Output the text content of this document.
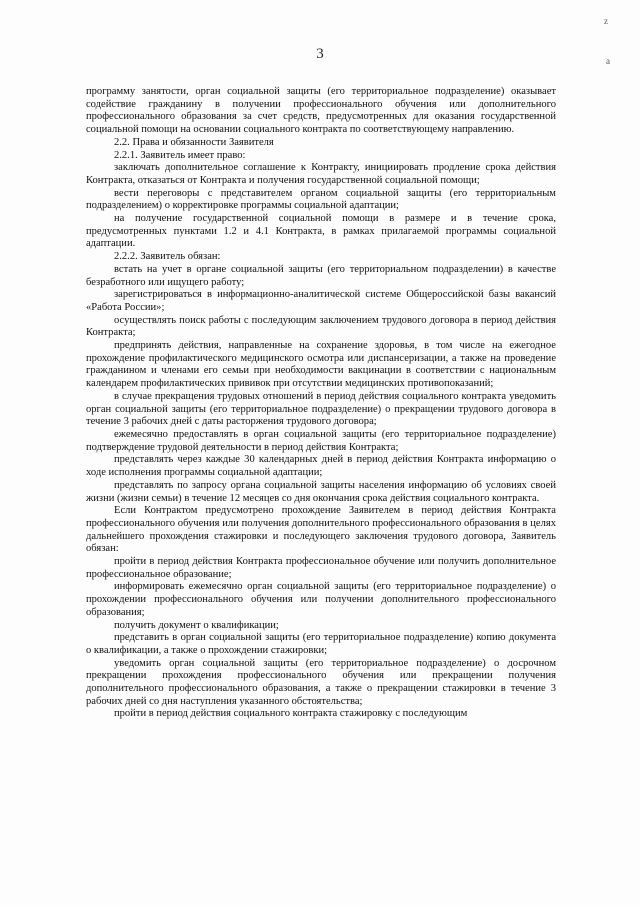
z
a
3

программу занятости, орган социальной защиты (его территориальное подразделение) оказывает содействие гражданину в получении профессионального обучения или дополнительного профессионального образования за счет средств, предусмотренных для оказания государственной социальной помощи на основании социального контракта по соответствующему направлению.

2.2. Права и обязанности Заявителя

2.2.1. Заявитель имеет право:

заключать дополнительное соглашение к Контракту, инициировать продление срока действия Контракта, отказаться от Контракта и получения государственной социальной помощи;

вести переговоры с представителем органом социальной защиты (его территориальным подразделением) о корректировке программы социальной адаптации;

на получение государственной социальной помощи в размере и в течение срока, предусмотренных пунктами 1.2 и 4.1 Контракта, в рамках прилагаемой программы социальной адаптации.

2.2.2. Заявитель обязан:

встать на учет в органе социальной защиты (его территориальном подразделении) в качестве безработного или ищущего работу;

зарегистрироваться в информационно-аналитической системе Общероссийской базы вакансий «Работа России»;

осуществлять поиск работы с последующим заключением трудового договора в период действия Контракта;

предпринять действия, направленные на сохранение здоровья, в том числе на ежегодное прохождение профилактического медицинского осмотра или диспансеризации, а также на проведение гражданином и членами его семьи при необходимости вакцинации в соответствии с национальным календарем профилактических прививок при отсутствии медицинских противопоказаний;

в случае прекращения трудовых отношений в период действия социального контракта уведомить орган социальной защиты (его территориальное подразделение) о прекращении трудового договора в течение 3 рабочих дней с даты расторжения трудового договора;

ежемесячно предоставлять в орган социальной защиты (его территориальное подразделение) подтверждение трудовой деятельности в период действия Контракта;

представлять через каждые 30 календарных дней в период действия Контракта информацию о ходе исполнения программы социальной адаптации;

представлять по запросу органа социальной защиты населения информацию об условиях своей жизни (жизни семьи) в течение 12 месяцев со дня окончания срока действия социального контракта.

Если Контрактом предусмотрено прохождение Заявителем в период действия Контракта профессионального обучения или получения дополнительного профессионального образования в целях дальнейшего прохождения стажировки и последующего заключения трудового договора, Заявитель обязан:

пройти в период действия Контракта профессиональное обучение или получить дополнительное профессиональное образование;

информировать ежемесячно орган социальной защиты (его территориальное подразделение) о прохождении профессионального обучения или получении дополнительного профессионального образования;

получить документ о квалификации;

представить в орган социальной защиты (его территориальное подразделение) копию документа о квалификации, а также о прохождении стажировки;

уведомить орган социальной защиты (его территориальное подразделение) о досрочном прекращении прохождения профессионального обучения или прекращении получения дополнительного профессионального образования, а также о прекращении стажировки в течение 3 рабочих дней со дня наступления указанного обстоятельства;

пройти в период действия социального контракта стажировку с последующим
